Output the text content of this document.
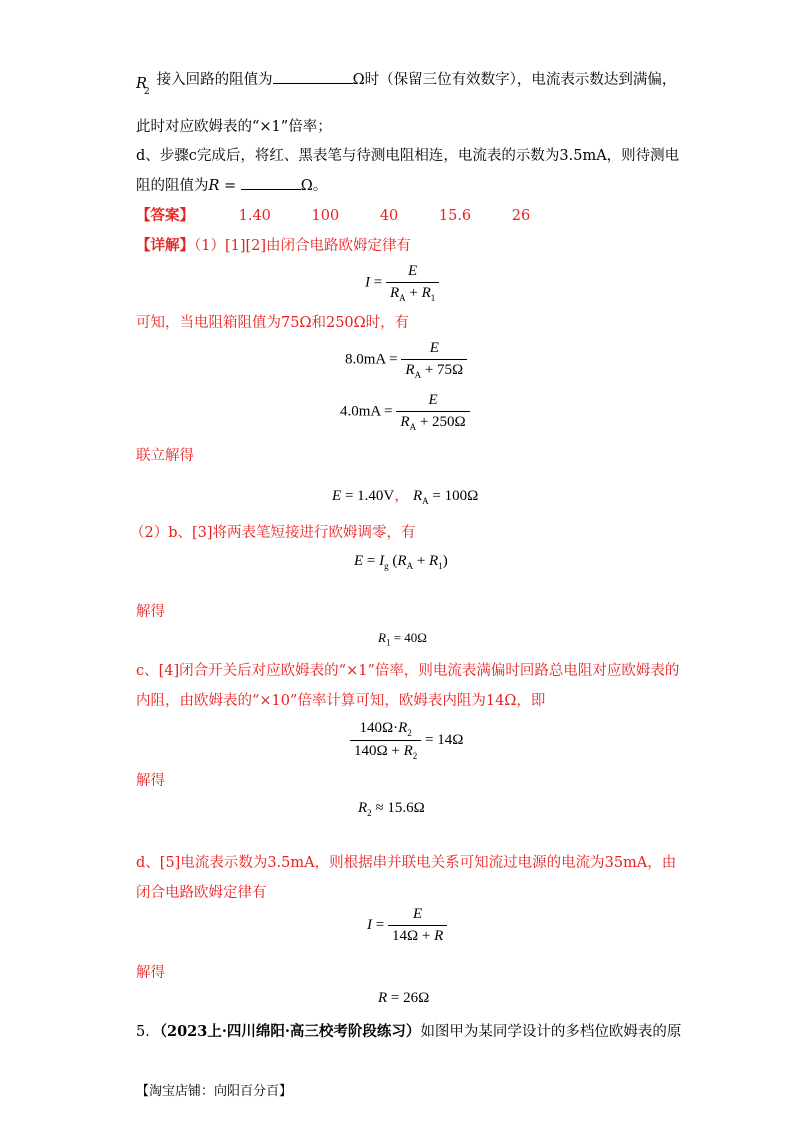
R
2
接入回路的阻值为	Ω时（保留三位有效数字），电流表示数达到满偏，
此时对应欧姆表的“×1”倍率；
d、步骤c完成后，将红、黑表笔与待测电阻相连，电流表的示数为3.5mA，则待测电
阻的阻值为R =	Ω。
【答案】	1.40	100	40	15.6	26
【详解】（1）[1][2]由闭合电路欧姆定律有
$I = \frac{E}{R_A + R_1}$
可知，当电阻箱阻值为75Ω和250Ω时，有
$8.0mA = \frac{E}{R_A + 75\Omega}$
$4.0mA = \frac{E}{R_A + 250\Omega}$
联立解得
E = 1.40V， $R_A = 100\Omega$
（2）b、[3]将两表笔短接进行欧姆调零，有
$E = I_g$ $(R_A + R_1)$
解得
$R_1 = 40\Omega$
c、[4]闭合开关后对应欧姆表的“×1”倍率，则电流表满偏时回路总电阻对应欧姆表的
内阻，由欧姆表的“×10”倍率计算可知，欧姆表内阻为14Ω，即
$\frac{140\Omega\cdot R_2}{140\Omega + R_2} = 14\Omega$
解得
$R_2 \approx 15.6\Omega$
d、[5]电流表示数为3.5mA，则根据串并联电关系可知流过电源的电流为35mA，由
闭合电路欧姆定律有
$I = \frac{E}{14\Omega + R}$
解得
R = 26Ω
5．（2023上·四川绵阳·高三校考阶段练习）如图甲为某同学设计的多档位欧姆表的原
【淘宝店铺：向阳百分百】
